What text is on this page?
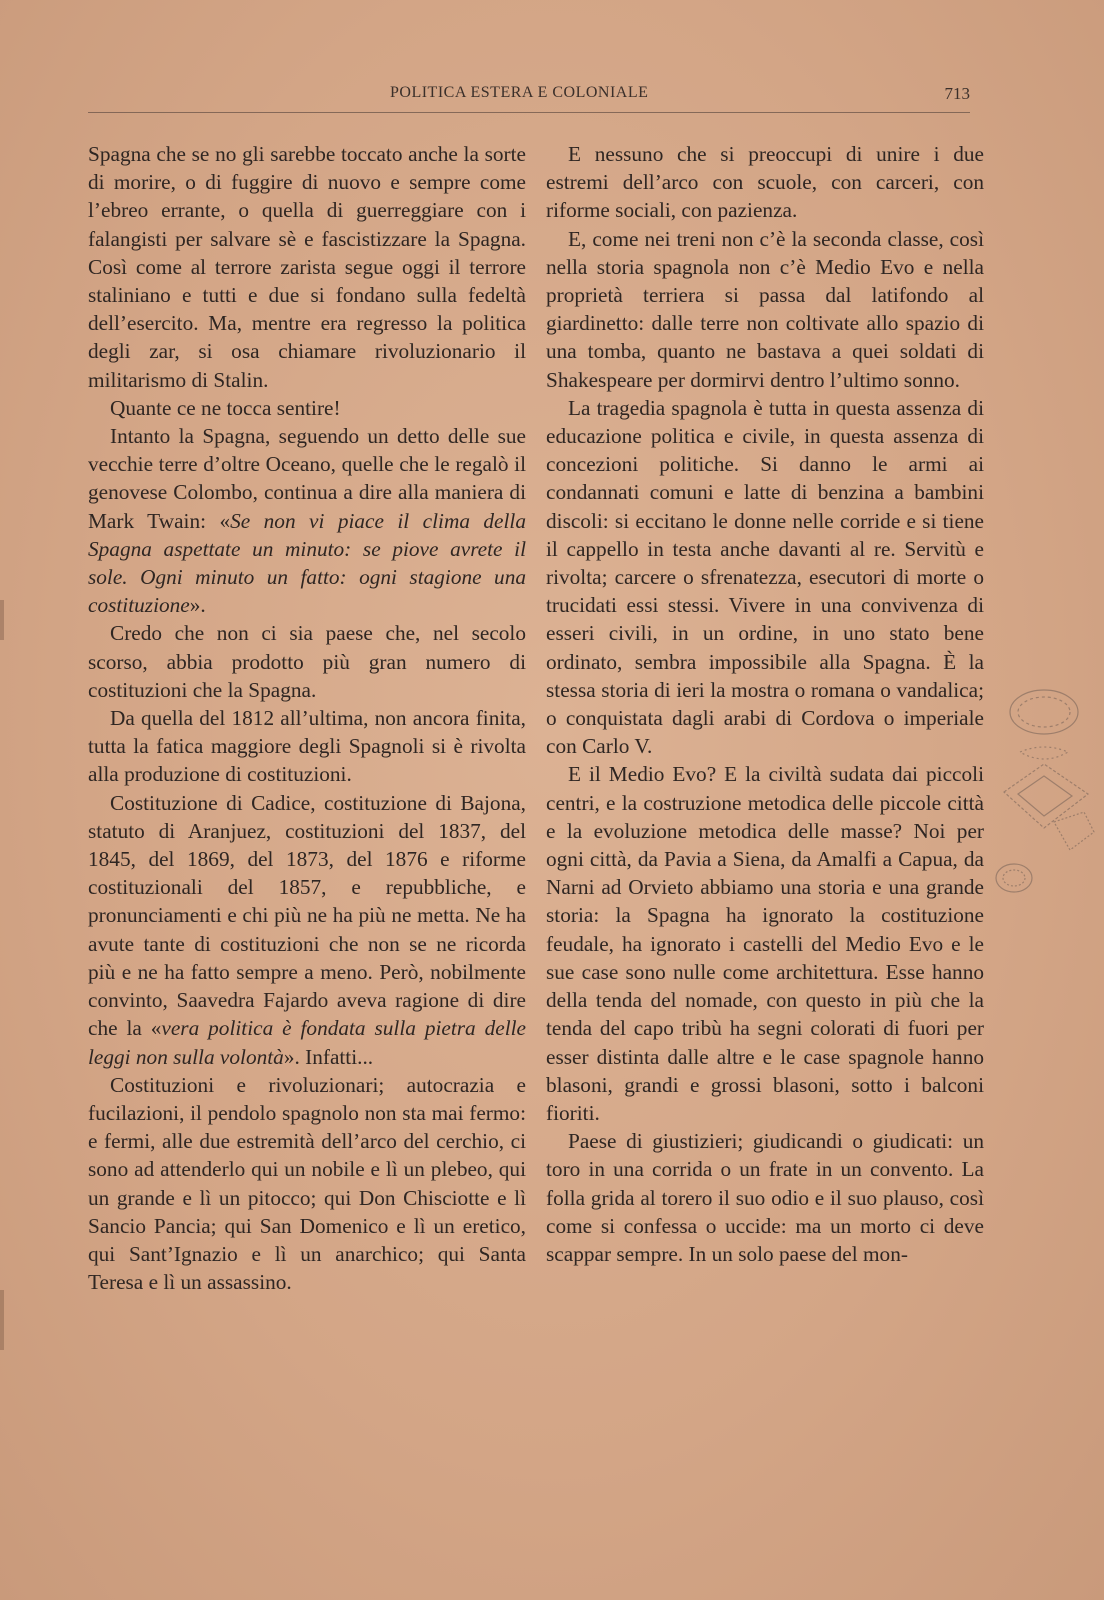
POLITICA ESTERA E COLONIALE	713

Spagna che se no gli sarebbe toccato anche la sorte di morire, o di fuggire di nuovo e sempre come l’ebreo errante, o quella di guerreggiare con i falangisti per salvare sè e fascistizzare la Spagna. Così come al terrore zarista segue oggi il terrore staliniano e tutti e due si fondano sulla fedeltà dell’esercito. Ma, mentre era regresso la politica degli zar, si osa chiamare rivoluzionario il militarismo di Stalin.

Quante ce ne tocca sentire!

Intanto la Spagna, seguendo un detto delle sue vecchie terre d’oltre Oceano, quelle che le regalò il genovese Colombo, continua a dire alla maniera di Mark Twain: «Se non vi piace il clima della Spagna aspettate un minuto: se piove avrete il sole. Ogni minuto un fatto: ogni stagione una costituzione».

Credo che non ci sia paese che, nel secolo scorso, abbia prodotto più gran numero di costituzioni che la Spagna.

Da quella del 1812 all’ultima, non ancora finita, tutta la fatica maggiore degli Spagnoli si è rivolta alla produzione di costituzioni.

Costituzione di Cadice, costituzione di Bajona, statuto di Aranjuez, costituzioni del 1837, del 1845, del 1869, del 1873, del 1876 e riforme costituzionali del 1857, e repubbliche, e pronunciamenti e chi più ne ha più ne metta. Ne ha avute tante di costituzioni che non se ne ricorda più e ne ha fatto sempre a meno. Però, nobilmente convinto, Saavedra Fajardo aveva ragione di dire che la «vera politica è fondata sulla pietra delle leggi non sulla volontà». Infatti...

Costituzioni e rivoluzionari; autocrazia e fucilazioni, il pendolo spagnolo non sta mai fermo: e fermi, alle due estremità dell’arco del cerchio, ci sono ad attenderlo qui un nobile e lì un plebeo, qui un grande e lì un pitocco; qui Don Chisciotte e lì Sancio Pancia; qui San Domenico e lì un eretico, qui Sant’Ignazio e lì un anarchico; qui Santa Teresa e lì un assassino.

E nessuno che si preoccupi di unire i due estremi dell’arco con scuole, con carceri, con riforme sociali, con pazienza.

E, come nei treni non c’è la seconda classe, così nella storia spagnola non c’è Medio Evo e nella proprietà terriera si passa dal latifondo al giardinetto: dalle terre non coltivate allo spazio di una tomba, quanto ne bastava a quei soldati di Shakespeare per dormirvi dentro l’ultimo sonno.

La tragedia spagnola è tutta in questa assenza di educazione politica e civile, in questa assenza di concezioni politiche. Si danno le armi ai condannati comuni e latte di benzina a bambini discoli: si eccitano le donne nelle corride e si tiene il cappello in testa anche davanti al re. Servitù e rivolta; carcere o sfrenatezza, esecutori di morte o trucidati essi stessi. Vivere in una convivenza di esseri civili, in un ordine, in uno stato bene ordinato, sembra impossibile alla Spagna. È la stessa storia di ieri la mostra o romana o vandalica; o conquistata dagli arabi di Cordova o imperiale con Carlo V.

E il Medio Evo? E la civiltà sudata dai piccoli centri, e la costruzione metodica delle piccole città e la evoluzione metodica delle masse? Noi per ogni città, da Pavia a Siena, da Amalfi a Capua, da Narni ad Orvieto abbiamo una storia e una grande storia: la Spagna ha ignorato la costituzione feudale, ha ignorato i castelli del Medio Evo e le sue case sono nulle come architettura. Esse hanno della tenda del nomade, con questo in più che la tenda del capo tribù ha segni colorati di fuori per esser distinta dalle altre e le case spagnole hanno blasoni, grandi e grossi blasoni, sotto i balconi fioriti.

Paese di giustizieri; giudicandi o giudicati: un toro in una corrida o un frate in un convento. La folla grida al torero il suo odio e il suo plauso, così come si confessa o uccide: ma un morto ci deve scappar sempre. In un solo paese del mon-
